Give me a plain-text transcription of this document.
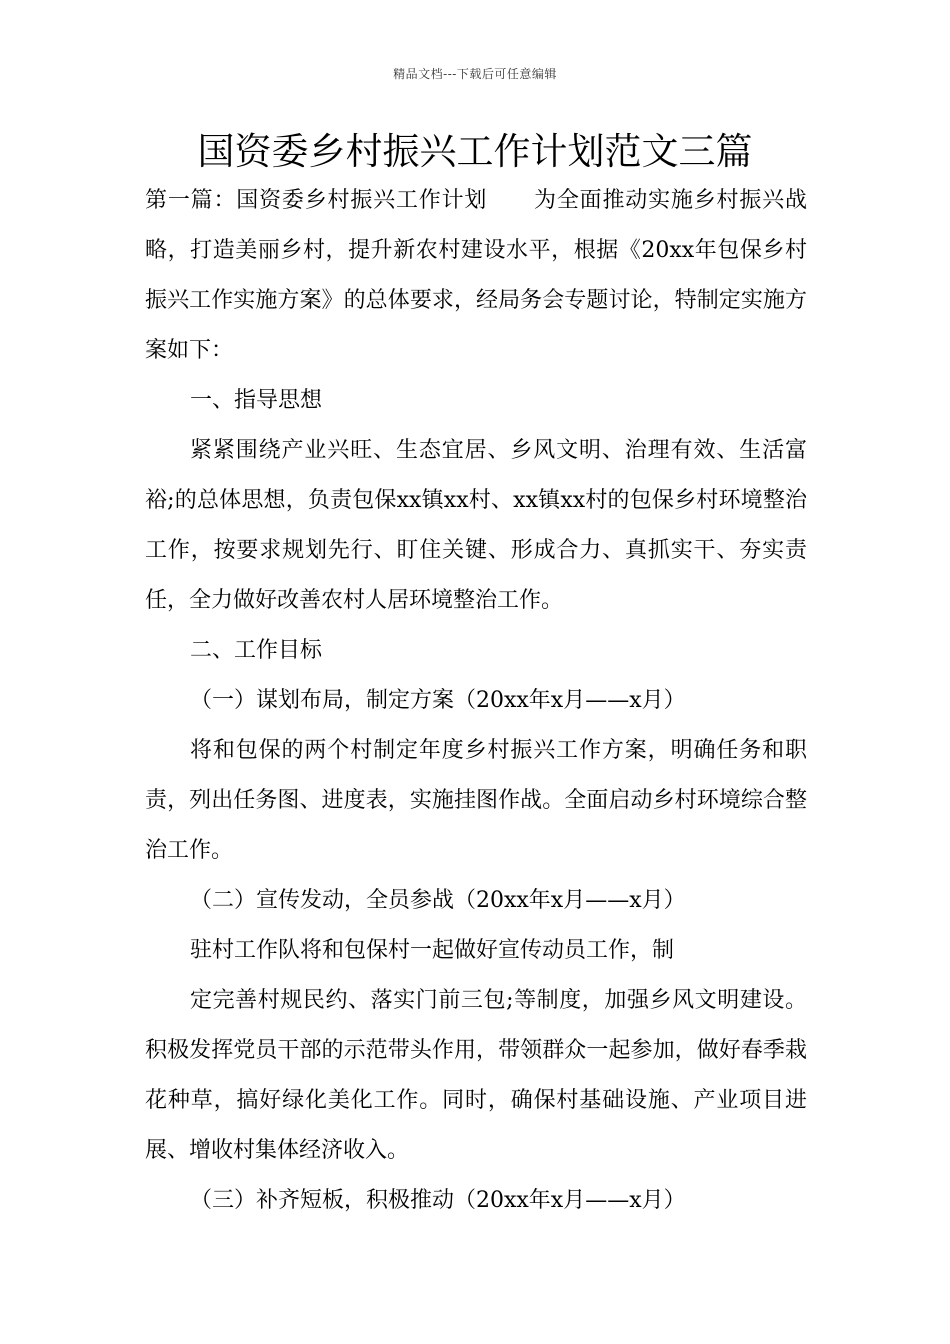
精品文档---下载后可任意编辑
国资委乡村振兴工作计划范文三篇

第一篇：国资委乡村振兴工作计划 为全面推动实施乡村振兴战略，打造美丽乡村，提升新农村建设水平，根据《20xx年包保乡村振兴工作实施方案》的总体要求，经局务会专题讨论，特制定实施方案如下：

一、指导思想

紧紧围绕产业兴旺、生态宜居、乡风文明、治理有效、生活富裕;的总体思想，负责包保xx镇xx村、xx镇xx村的包保乡村环境整治工作，按要求规划先行、盯住关键、形成合力、真抓实干、夯实责任，全力做好改善农村人居环境整治工作。

二、工作目标

（一）谋划布局，制定方案（20xx年x月——x月）

将和包保的两个村制定年度乡村振兴工作方案，明确任务和职责，列出任务图、进度表，实施挂图作战。全面启动乡村环境综合整治工作。

（二）宣传发动，全员参战（20xx年x月——x月）

驻村工作队将和包保村一起做好宣传动员工作，制

定完善村规民约、落实门前三包;等制度，加强乡风文明建设。积极发挥党员干部的示范带头作用，带领群众一起参加，做好春季栽花种草，搞好绿化美化工作。同时，确保村基础设施、产业项目进展、增收村集体经济收入。

（三）补齐短板，积极推动（20xx年x月——x月）
